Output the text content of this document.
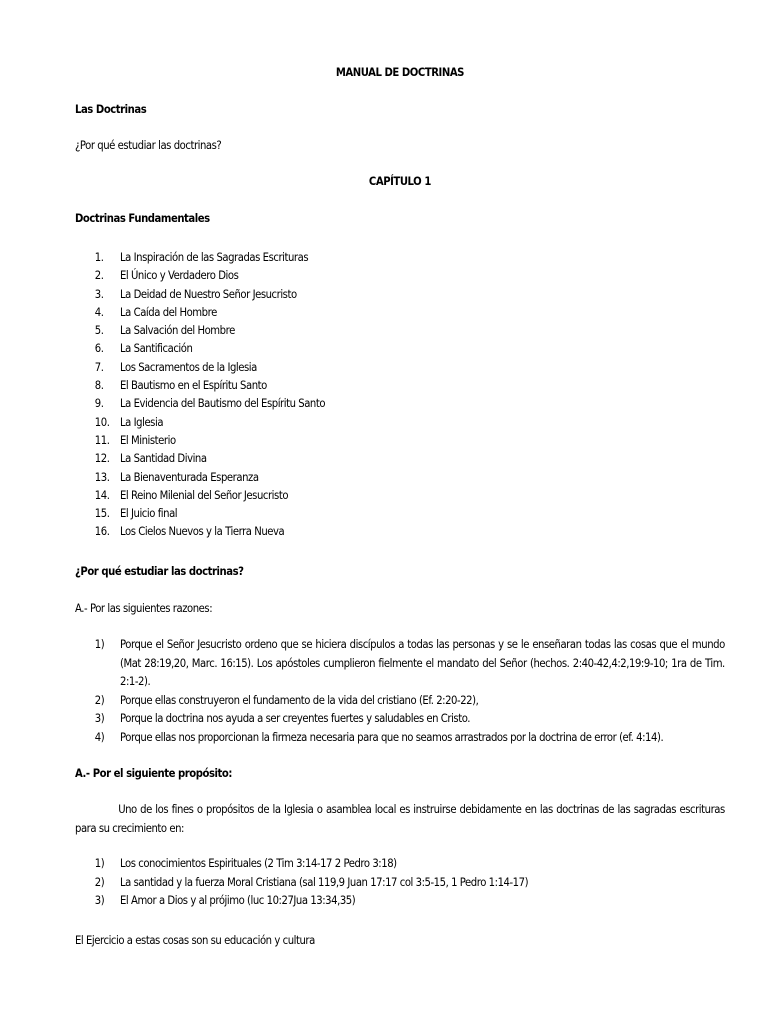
MANUAL DE DOCTRINAS
Las Doctrinas
¿Por qué estudiar las doctrinas?
CAPÍTULO 1
Doctrinas Fundamentales
1.	La Inspiración de las Sagradas Escrituras
2.	El Único y Verdadero Dios
3.	La Deidad de Nuestro Señor Jesucristo
4.	La Caída del Hombre
5.	La Salvación del Hombre
6.	La Santificación
7.	Los Sacramentos de la Iglesia
8.	El Bautismo en el Espíritu Santo
9.	La Evidencia del Bautismo del Espíritu Santo
10. La Iglesia
11. El Ministerio
12. La Santidad Divina
13. La Bienaventurada Esperanza
14. El Reino Milenial del Señor Jesucristo
15. El Juicio final
16. Los Cielos Nuevos y la Tierra Nueva
¿Por qué estudiar las doctrinas?
A.- Por las siguientes razones:
1)	Porque el Señor Jesucristo ordeno que se hiciera discípulos a todas las personas y se le enseñaran todas las cosas que el mundo (Mat 28:19,20, Marc. 16:15). Los apóstoles cumplieron fielmente el mandato del Señor (hechos. 2:40-42,4:2,19:9-10; 1ra de Tim. 2:1-2).
2)	Porque ellas construyeron el fundamento de la vida del cristiano (Ef. 2:20-22),
3)	Porque la doctrina nos ayuda a ser creyentes fuertes y saludables en Cristo.
4)	Porque ellas nos proporcionan la firmeza necesaria para que no seamos arrastrados por la doctrina de error (ef. 4:14).
A.- Por el siguiente propósito:
Uno de los fines o propósitos de la Iglesia o asamblea local es instruirse debidamente en las doctrinas de las sagradas escrituras para su crecimiento en:
1)	Los conocimientos Espirituales (2 Tim 3:14-17 2 Pedro 3:18)
2)	La santidad y la fuerza Moral Cristiana (sal 119,9 Juan 17:17 col 3:5-15, 1 Pedro 1:14-17)
3)	El Amor a Dios y al prójimo (luc 10:27Jua 13:34,35)
El Ejercicio a estas cosas son su educación y cultura
